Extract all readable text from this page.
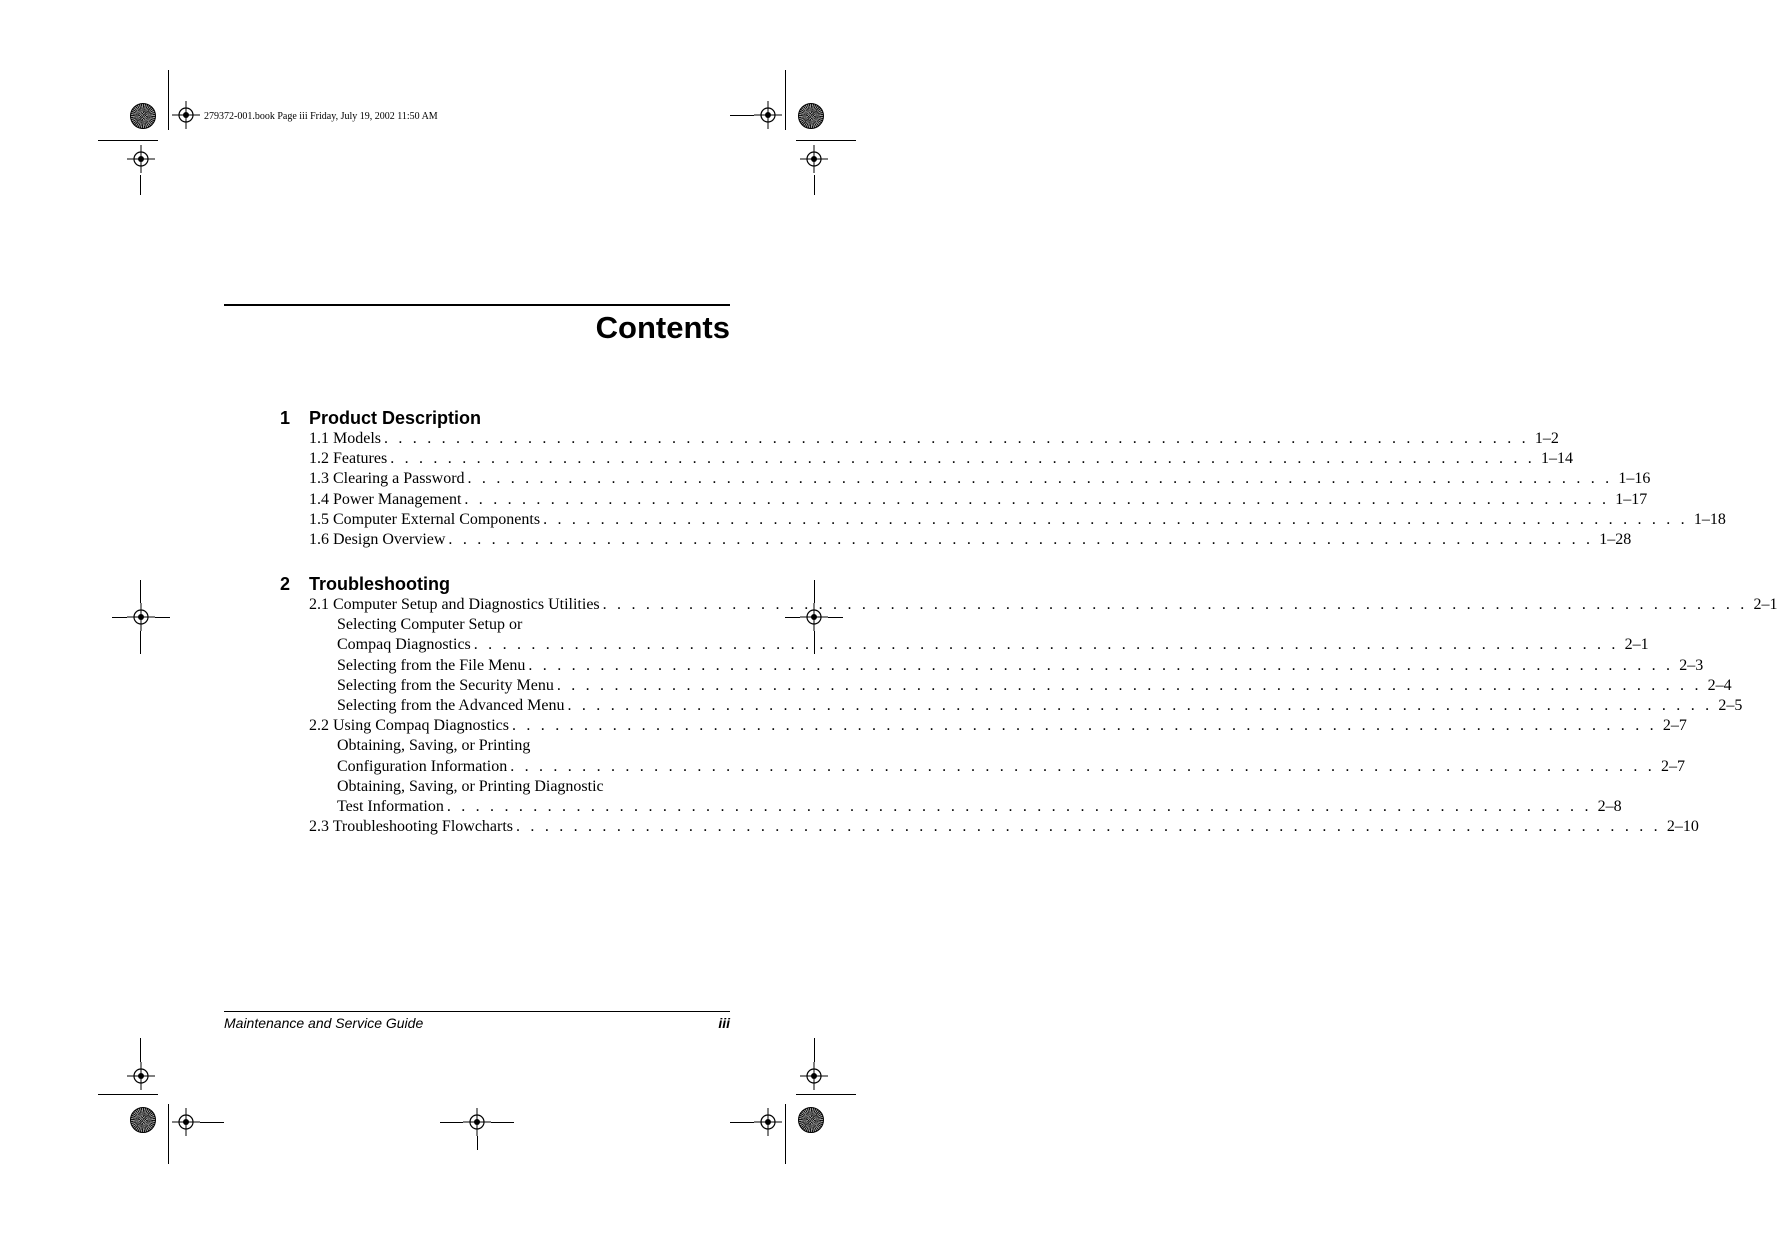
279372-001.book Page iii Friday, July 19, 2002 11:50 AM
Contents
1 Product Description
1.1 Models . . . . . . . . . . . . . . . . . . . . . . . . . . . . . . . . . . . . . . . . . . . . . . . . . . . . . . . . . . . . . . . . . . . . . . . . . . . . . . . . 1–2
1.2 Features . . . . . . . . . . . . . . . . . . . . . . . . . . . . . . . . . . . . . . . . . . . . . . . . . . . . . . . . . . . . . . . . . . . . . . . . . . . . . . . . 1–14
1.3 Clearing a Password . . . . . . . . . . . . . . . . . . . . . . . . . . . . . . . . . . . . . . . . . . . . . . . . . . . . . . . . . . . . . . . . . . . . . . . . . . . . . . . . 1–16
1.4 Power Management . . . . . . . . . . . . . . . . . . . . . . . . . . . . . . . . . . . . . . . . . . . . . . . . . . . . . . . . . . . . . . . . . . . . . . . . . . . . . . . . 1–17
1.5 Computer External Components . . . . . . . . . . . . . . . . . . . . . . . . . . . . . . . . . . . . . . . . . . . . . . . . . . . . . . . . . . . . . . . . . . . . . . . . . . . . . . . . 1–18
1.6 Design Overview . . . . . . . . . . . . . . . . . . . . . . . . . . . . . . . . . . . . . . . . . . . . . . . . . . . . . . . . . . . . . . . . . . . . . . . . . . . . . . . . 1–28
2 Troubleshooting
2.1 Computer Setup and Diagnostics Utilities . . . . . . . . . . . . . . . . . . . . . . . . . . . . . . . . . . . . . . . . . . . . . . . . . . . . . . . . . . . . . . . . . . . . . . . . . . . . . . . . 2–1
Selecting Computer Setup or
Compaq Diagnostics . . . . . . . . . . . . . . . . . . . . . . . . . . . . . . . . . . . . . . . . . . . . . . . . . . . . . . . . . . . . . . . . . . . . . . . . . . . . . . . . 2–1
Selecting from the File Menu . . . . . . . . . . . . . . . . . . . . . . . . . . . . . . . . . . . . . . . . . . . . . . . . . . . . . . . . . . . . . . . . . . . . . . . . . . . . . . . . 2–3
Selecting from the Security Menu . . . . . . . . . . . . . . . . . . . . . . . . . . . . . . . . . . . . . . . . . . . . . . . . . . . . . . . . . . . . . . . . . . . . . . . . . . . . . . . . 2–4
Selecting from the Advanced Menu . . . . . . . . . . . . . . . . . . . . . . . . . . . . . . . . . . . . . . . . . . . . . . . . . . . . . . . . . . . . . . . . . . . . . . . . . . . . . . . . 2–5
2.2 Using Compaq Diagnostics . . . . . . . . . . . . . . . . . . . . . . . . . . . . . . . . . . . . . . . . . . . . . . . . . . . . . . . . . . . . . . . . . . . . . . . . . . . . . . . . 2–7
Obtaining, Saving, or Printing
Configuration Information . . . . . . . . . . . . . . . . . . . . . . . . . . . . . . . . . . . . . . . . . . . . . . . . . . . . . . . . . . . . . . . . . . . . . . . . . . . . . . . . 2–7
Obtaining, Saving, or Printing Diagnostic
Test Information . . . . . . . . . . . . . . . . . . . . . . . . . . . . . . . . . . . . . . . . . . . . . . . . . . . . . . . . . . . . . . . . . . . . . . . . . . . . . . . . 2–8
2.3 Troubleshooting Flowcharts . . . . . . . . . . . . . . . . . . . . . . . . . . . . . . . . . . . . . . . . . . . . . . . . . . . . . . . . . . . . . . . . . . . . . . . . . . . . . . . . 2–10
Maintenance and Service Guide	iii
